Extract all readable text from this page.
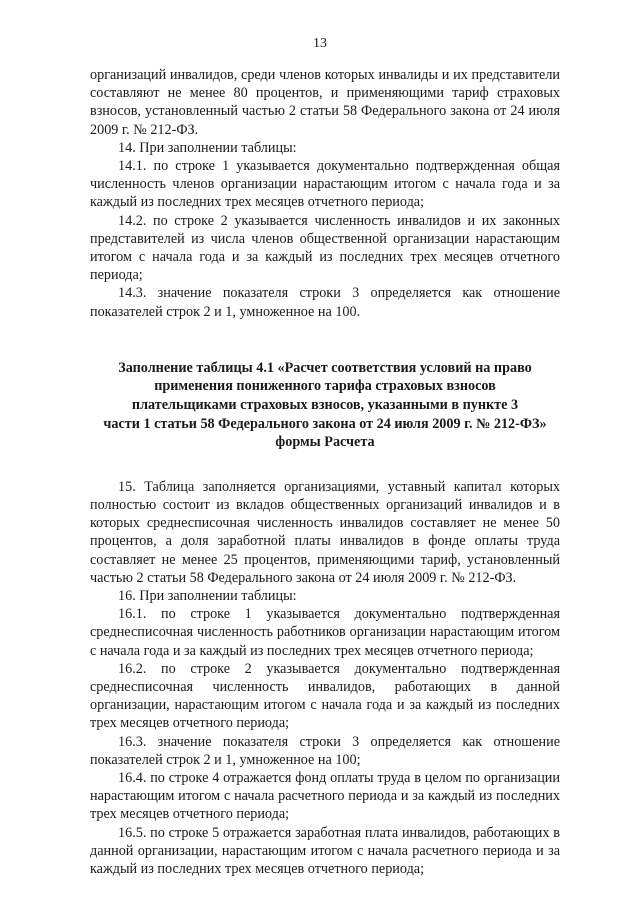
13

организаций инвалидов, среди членов которых инвалиды и их представители составляют не менее 80 процентов, и применяющими тариф страховых взносов, установленный частью 2 статьи 58 Федерального закона от 24 июля 2009 г. № 212-ФЗ.

14. При заполнении таблицы:

14.1. по строке 1 указывается документально подтвержденная общая численность членов организации нарастающим итогом с начала года и за каждый из последних трех месяцев отчетного периода;

14.2. по строке 2 указывается численность инвалидов и их законных представителей из числа членов общественной организации нарастающим итогом с начала года и за каждый из последних трех месяцев отчетного периода;

14.3. значение показателя строки 3 определяется как отношение показателей строк 2 и 1, умноженное на 100.

Заполнение таблицы 4.1 «Расчет соответствия условий на право
применения пониженного тарифа страховых взносов
плательщиками страховых взносов, указанными в пункте 3
части 1 статьи 58 Федерального закона от 24 июля 2009 г. № 212-ФЗ»
формы Расчета

15. Таблица заполняется организациями, уставный капитал которых полностью состоит из вкладов общественных организаций инвалидов и в которых среднесписочная численность инвалидов составляет не менее 50 процентов, а доля заработной платы инвалидов в фонде оплаты труда составляет не менее 25 процентов, применяющими тариф, установленный частью 2 статьи 58 Федерального закона от 24 июля 2009 г. № 212-ФЗ.

16. При заполнении таблицы:

16.1. по строке 1 указывается документально подтвержденная среднесписочная численность работников организации нарастающим итогом с начала года и за каждый из последних трех месяцев отчетного периода;

16.2. по строке 2 указывается документально подтвержденная среднесписочная численность инвалидов, работающих в данной организации, нарастающим итогом с начала года и за каждый из последних трех месяцев отчетного периода;

16.3. значение показателя строки 3 определяется как отношение показателей строк 2 и 1, умноженное на 100;

16.4. по строке 4 отражается фонд оплаты труда в целом по организации нарастающим итогом с начала расчетного периода и за каждый из последних трех месяцев отчетного периода;

16.5. по строке 5 отражается заработная плата инвалидов, работающих в данной организации, нарастающим итогом с начала расчетного периода и за каждый из последних трех месяцев отчетного периода;
